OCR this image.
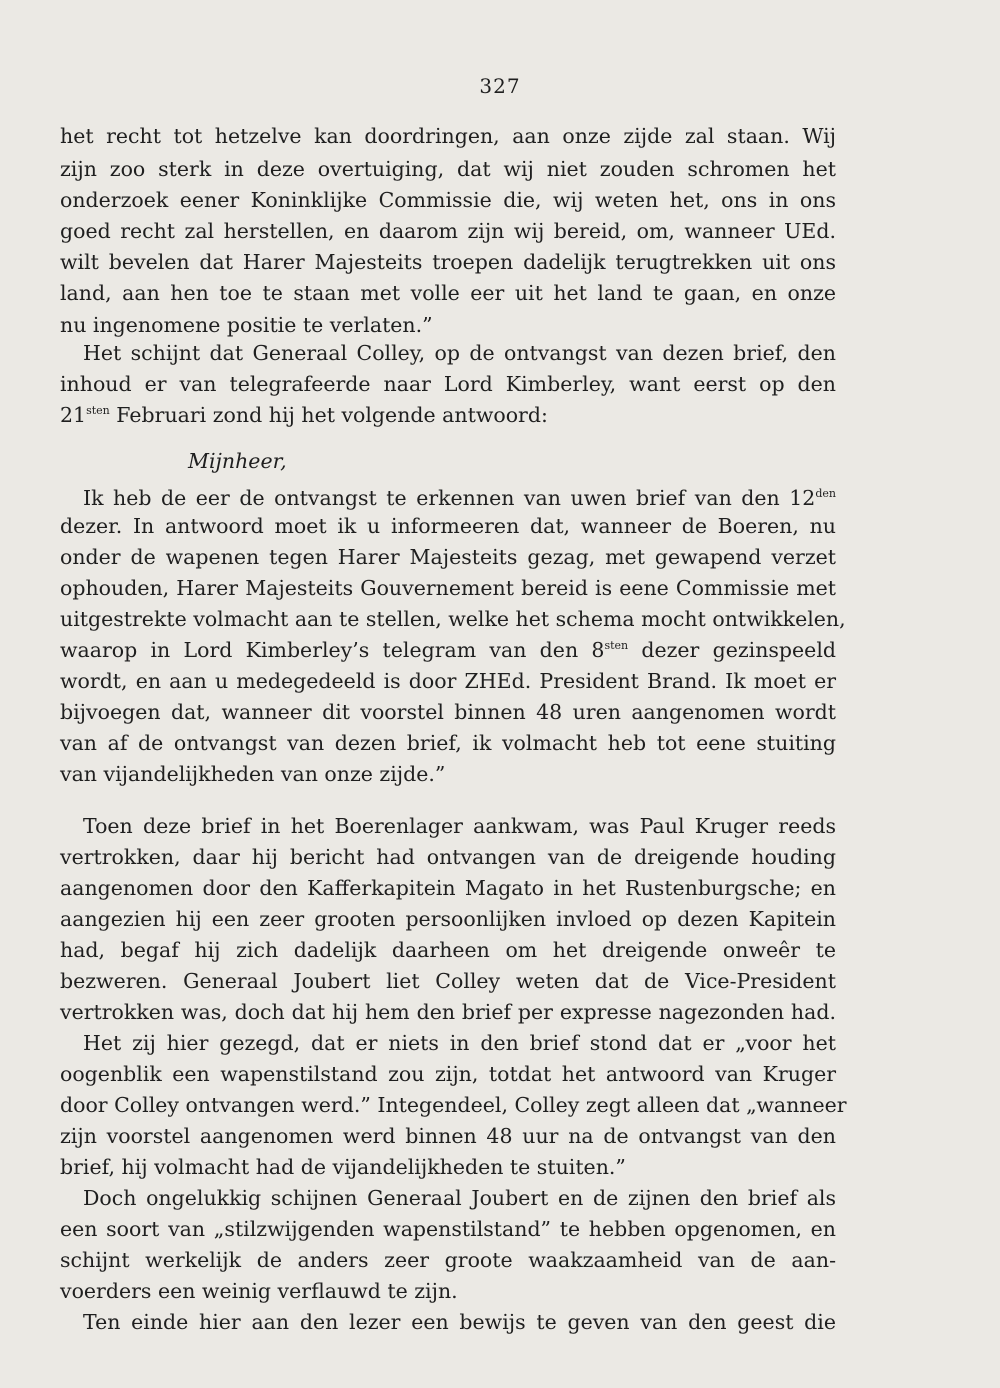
327
het recht tot hetzelve kan doordringen, aan onze zijde zal staan. Wij
zijn zoo sterk in deze overtuiging, dat wij niet zouden schromen het
onderzoek eener Koninklijke Commissie die, wij weten het, ons in ons
goed recht zal herstellen, en daarom zijn wij bereid, om, wanneer UEd.
wilt bevelen dat Harer Majesteits troepen dadelijk terugtrekken uit ons
land, aan hen toe te staan met volle eer uit het land te gaan, en onze
nu ingenomene positie te verlaten.”
Het schijnt dat Generaal Colley, op de ontvangst van dezen brief, den
inhoud er van telegrafeerde naar Lord Kimberley, want eerst op den
$21^{sten}$ Februari zond hij het volgende antwoord:
Mijnheer,
Ik heb de eer de ontvangst te erkennen van uwen brief van den $12^{den}$
dezer. In antwoord moet ik u informeeren dat, wanneer de Boeren, nu
onder de wapenen tegen Harer Majesteits gezag, met gewapend verzet
ophouden, Harer Majesteits Gouvernement bereid is eene Commissie met
uitgestrekte volmacht aan te stellen, welke het schema mocht ontwikkelen,
waarop in Lord Kimberley’s telegram van den $8^{sten}$ dezer gezinspeeld
wordt, en aan u medegedeeld is door ZHEd. President Brand. Ik moet er
bijvoegen dat, wanneer dit voorstel binnen 48 uren aangenomen wordt
van af de ontvangst van dezen brief, ik volmacht heb tot eene stuiting
van vijandelijkheden van onze zijde.”
Toen deze brief in het Boerenlager aankwam, was Paul Kruger reeds
vertrokken, daar hij bericht had ontvangen van de dreigende houding
aangenomen door den Kafferkapitein Magato in het Rustenburgsche; en
aangezien hij een zeer grooten persoonlijken invloed op dezen Kapitein
had, begaf hij zich dadelijk daarheen om het dreigende onweêr te
bezweren. Generaal Joubert liet Colley weten dat de Vice-President
vertrokken was, doch dat hij hem den brief per expresse nagezonden had.
Het zij hier gezegd, dat er niets in den brief stond dat er „voor het
oogenblik een wapenstilstand zou zijn, totdat het antwoord van Kruger
door Colley ontvangen werd.” Integendeel, Colley zegt alleen dat „wanneer
zijn voorstel aangenomen werd binnen 48 uur na de ontvangst van den
brief, hij volmacht had de vijandelijkheden te stuiten.”
Doch ongelukkig schijnen Generaal Joubert en de zijnen den brief als
een soort van „stilzwijgenden wapenstilstand” te hebben opgenomen, en
schijnt werkelijk de anders zeer groote waakzaamheid van de aan-
voerders een weinig verflauwd te zijn.
Ten einde hier aan den lezer een bewijs te geven van den geest die
